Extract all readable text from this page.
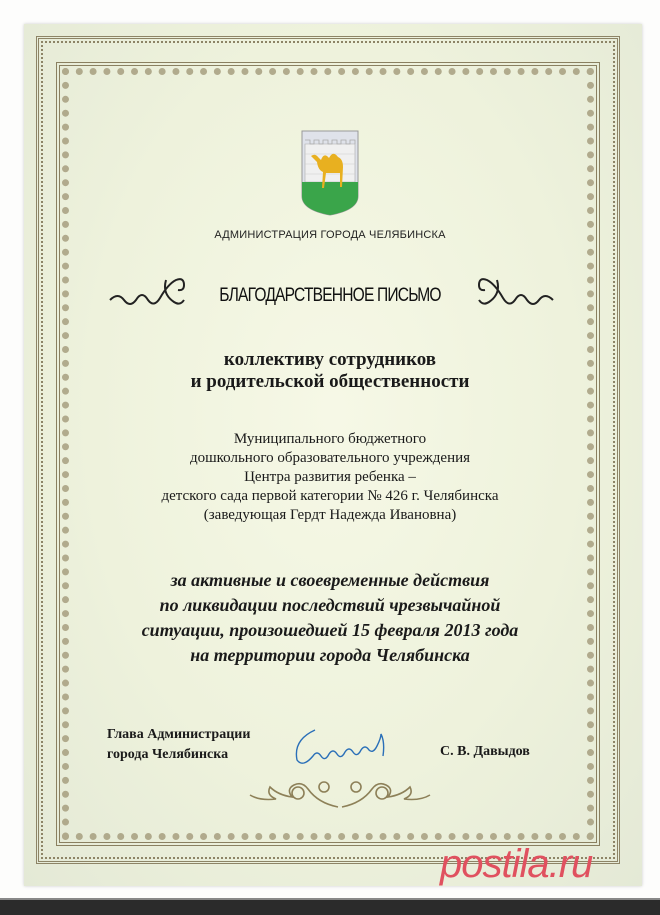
АДМИНИСТРАЦИЯ ГОРОДА ЧЕЛЯБИНСКА
БЛАГОДАРСТВЕННОЕ ПИСЬМО
коллективу сотрудников
и родительской общественности
Муниципального бюджетного
дошкольного образовательного учреждения
Центра развития ребенка –
детского сада первой категории № 426 г. Челябинска
(заведующая Гердт Надежда Ивановна)
за активные и своевременные действия
по ликвидации последствий чрезвычайной
ситуации, произошедшей 15 февраля 2013 года
на территории города Челябинска
Глава Администрации
города Челябинска	С. В. Давыдов
postila.ru
